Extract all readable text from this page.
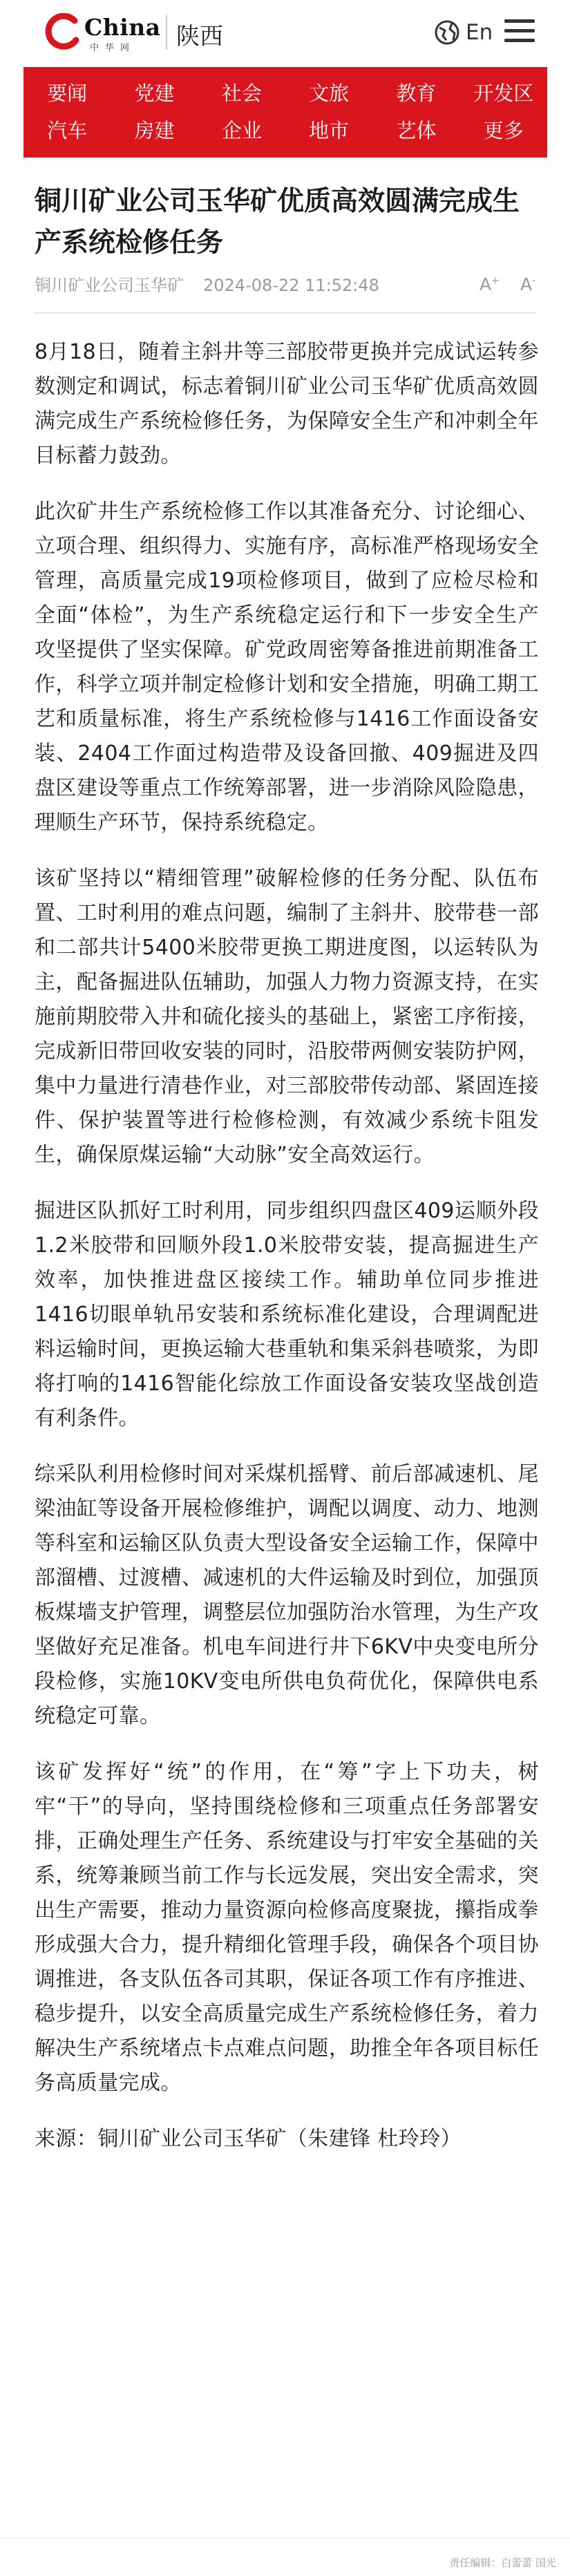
China
中华网 陕西	En
要闻	党建	社会	文旅	教育	开发区
汽车	房建	企业	地市	艺体	更多
铜川矿业公司玉华矿优质高效圆满完成生产系统检修任务
铜川矿业公司玉华矿 2024-08-22 11:52:48	A+ A-

8月18日，随着主斜井等三部胶带更换并完成试运转参数测定和调试，标志着铜川矿业公司玉华矿优质高效圆满完成生产系统检修任务，为保障安全生产和冲刺全年目标蓄力鼓劲。

此次矿井生产系统检修工作以其准备充分、讨论细心、立项合理、组织得力、实施有序，高标准严格现场安全管理，高质量完成19项检修项目，做到了应检尽检和全面“体检”，为生产系统稳定运行和下一步安全生产攻坚提供了坚实保障。矿党政周密筹备推进前期准备工作，科学立项并制定检修计划和安全措施，明确工期工艺和质量标准，将生产系统检修与1416工作面设备安装、2404工作面过构造带及设备回撤、409掘进及四盘区建设等重点工作统筹部署，进一步消除风险隐患，理顺生产环节，保持系统稳定。

该矿坚持以“精细管理”破解检修的任务分配、队伍布置、工时利用的难点问题，编制了主斜井、胶带巷一部和二部共计5400米胶带更换工期进度图，以运转队为主，配备掘进队伍辅助，加强人力物力资源支持，在实施前期胶带入井和硫化接头的基础上，紧密工序衔接，完成新旧带回收安装的同时，沿胶带两侧安装防护网，集中力量进行清巷作业，对三部胶带传动部、紧固连接件、保护装置等进行检修检测，有效减少系统卡阻发生，确保原煤运输“大动脉”安全高效运行。

掘进区队抓好工时利用，同步组织四盘区409运顺外段1.2米胶带和回顺外段1.0米胶带安装，提高掘进生产效率，加快推进盘区接续工作。辅助单位同步推进1416切眼单轨吊安装和系统标准化建设，合理调配进料运输时间，更换运输大巷重轨和集采斜巷喷浆，为即将打响的1416智能化综放工作面设备安装攻坚战创造有利条件。

综采队利用检修时间对采煤机摇臂、前后部减速机、尾梁油缸等设备开展检修维护，调配以调度、动力、地测等科室和运输区队负责大型设备安全运输工作，保障中部溜槽、过渡槽、减速机的大件运输及时到位，加强顶板煤墙支护管理，调整层位加强防治水管理，为生产攻坚做好充足准备。机电车间进行井下6KV中央变电所分段检修，实施10KV变电所供电负荷优化，保障供电系统稳定可靠。

该矿发挥好“统”的作用，在“筹”字上下功夫，树牢“干”的导向，坚持围绕检修和三项重点任务部署安排，正确处理生产任务、系统建设与打牢安全基础的关系，统筹兼顾当前工作与长远发展，突出安全需求，突出生产需要，推动力量资源向检修高度聚拢，攥指成拳形成强大合力，提升精细化管理手段，确保各个项目协调推进，各支队伍各司其职，保证各项工作有序推进、稳步提升，以安全高质量完成生产系统检修任务，着力解决生产系统堵点卡点难点问题，助推全年各项目标任务高质量完成。

来源：铜川矿业公司玉华矿（朱建锋 杜玲玲）

责任编辑：白蕾蕾 国光
